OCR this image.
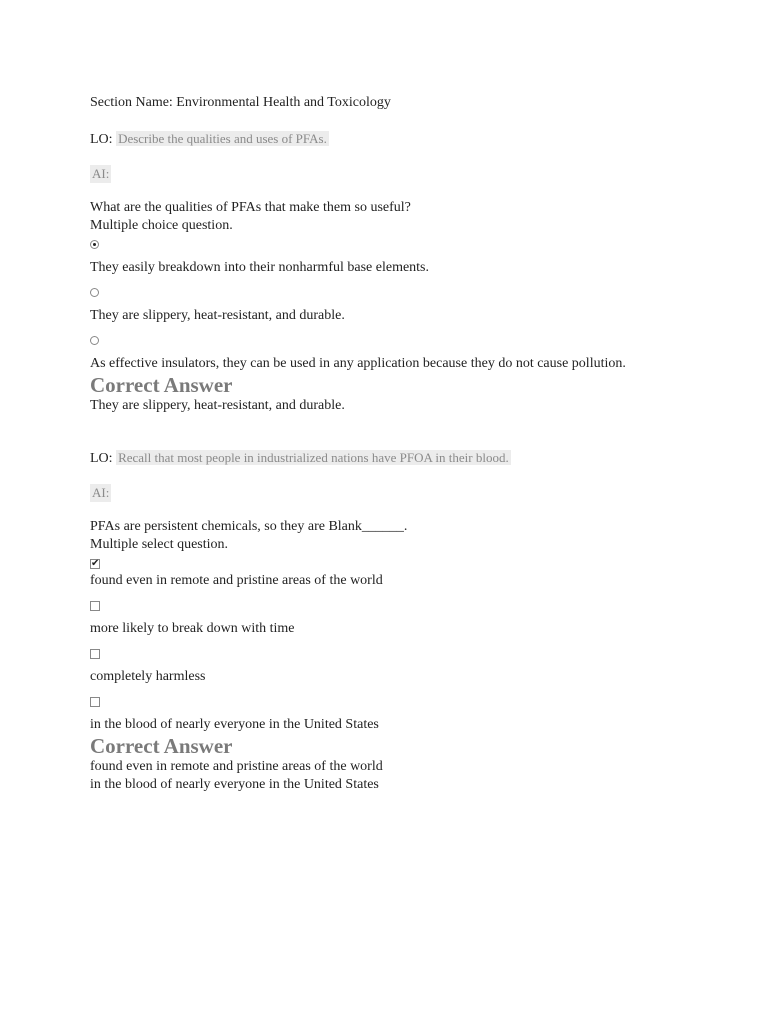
Section Name: Environmental Health and Toxicology
LO: Describe the qualities and uses of PFAs.
AI:
What are the qualities of PFAs that make them so useful?
Multiple choice question.
They easily breakdown into their nonharmful base elements.
They are slippery, heat-resistant, and durable.
As effective insulators, they can be used in any application because they do not cause pollution.
Correct Answer
They are slippery, heat-resistant, and durable.
LO: Recall that most people in industrialized nations have PFOA in their blood.
AI:
PFAs are persistent chemicals, so they are Blank______.
Multiple select question.
✔
found even in remote and pristine areas of the world
more likely to break down with time
completely harmless
in the blood of nearly everyone in the United States
Correct Answer
found even in remote and pristine areas of the world
in the blood of nearly everyone in the United States
